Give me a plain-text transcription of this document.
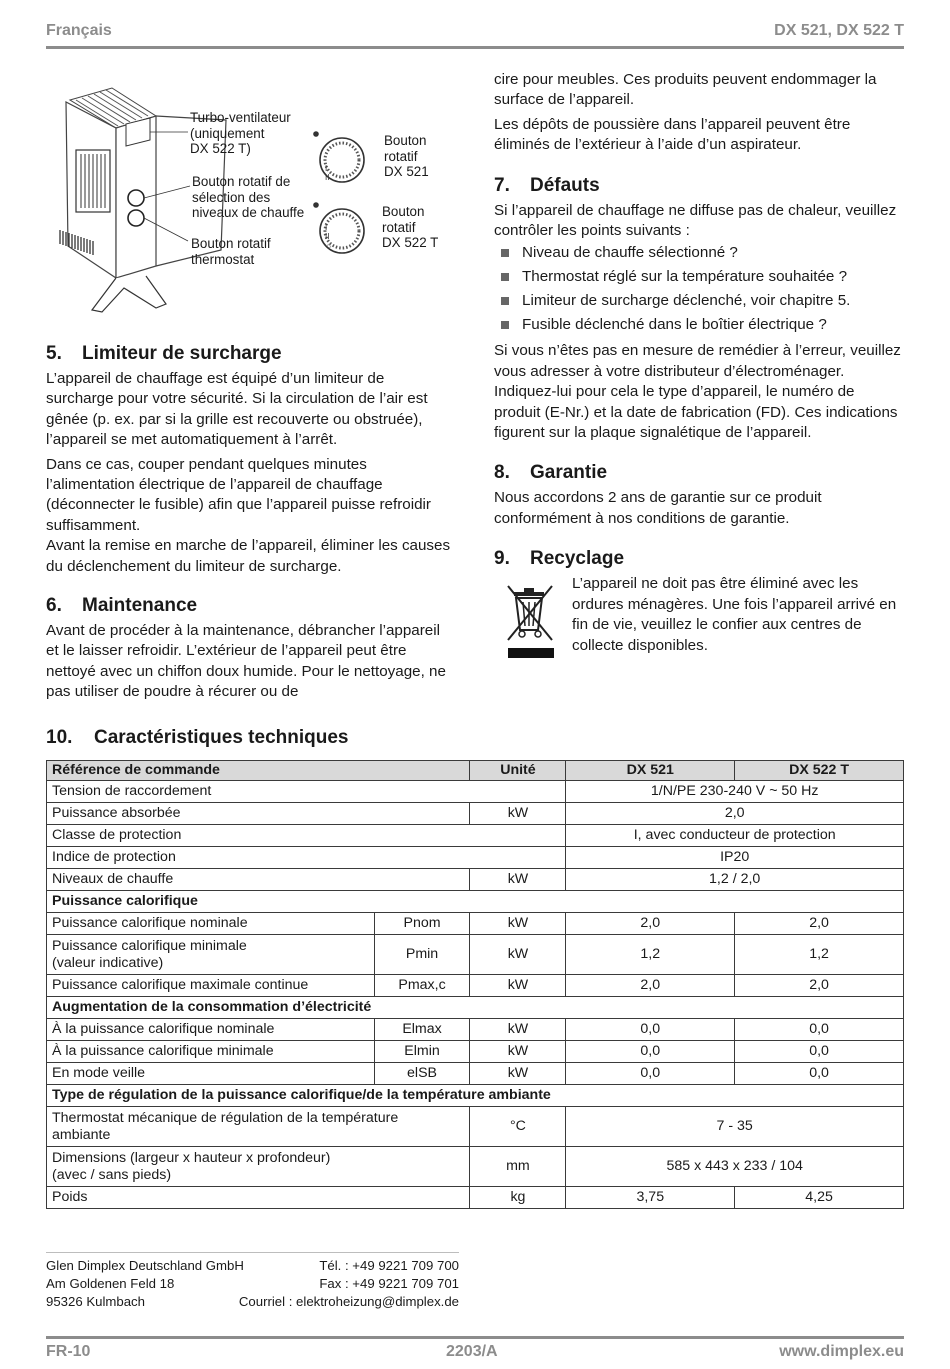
Français	DX 521, DX 522 T
Turbo-ventilateur
(uniquement
DX 522 T)
Bouton rotatif de
sélection des
niveaux de chauffe
Bouton rotatif
thermostat
Bouton
rotatif
DX 521
Bouton
rotatif
DX 522 T
I
II
I
II
☼
5. Limiteur de surcharge

L’appareil de chauffage est équipé d’un limiteur de surcharge pour votre sécurité. Si la circulation de l’air est gênée (p. ex. par si la grille est recouverte ou obstruée), l’appareil se met automatiquement à l’arrêt.

Dans ce cas, couper pendant quelques minutes l’alimentation électrique de l’appareil de chauffage (déconnecter le fusible) afin que l’appareil puisse refroidir suffisamment.

Avant la remise en marche de l’appareil, éliminer les causes du déclenchement du limiteur de surcharge.

6. Maintenance

Avant de procéder à la maintenance, débrancher l’appareil et le laisser refroidir. L’extérieur de l’appareil peut être nettoyé avec un chiffon doux humide. Pour le nettoyage, ne pas utiliser de poudre à récurer ou de

cire pour meubles. Ces produits peuvent endommager la surface de l’appareil.

Les dépôts de poussière dans l’appareil peuvent être éliminés de l’extérieur à l’aide d’un aspirateur.

7. Défauts

Si l’appareil de chauffage ne diffuse pas de chaleur, veuillez contrôler les points suivants :

Niveau de chauffe sélectionné ?
Thermostat réglé sur la température souhaitée ?
Limiteur de surcharge déclenché, voir chapitre 5.
Fusible déclenché dans le boîtier électrique ?

Si vous n’êtes pas en mesure de remédier à l’erreur, veuillez vous adresser à votre distributeur d’électroménager. Indiquez-lui pour cela le type d’appareil, le numéro de produit (E-Nr.) et la date de fabrication (FD). Ces indications figurent sur la plaque signalétique de l’appareil.

8. Garantie

Nous accordons 2 ans de garantie sur ce produit conformément à nos conditions de garantie.

9. Recyclage

L’appareil ne doit pas être éliminé avec les ordures ménagères. Une fois l’appareil arrivé en fin de vie, veuillez le confier aux centres de collecte disponibles.

10. Caractéristiques techniques
Référence de commande		Unité	DX 521	DX 522 T
Tension de raccordement			1/N/PE 230-240 V ~ 50 Hz	
Puissance absorbée		kW	2,0	
Classe de protection			I, avec conducteur de protection	
Indice de protection			IP20	
Niveaux de chauffe		kW	1,2 / 2,0	
Puissance calorifique				
Puissance calorifique nominale	Pnom	kW	2,0	2,0

Puissance calorifique minimale
(valeur indicative)	Pmin	kW	1,2	1,2
Puissance calorifique maximale continue	Pmax,c	kW	2,0	2,0
Augmentation de la consommation d’électricité				
À la puissance calorifique nominale	Elmax	kW	0,0	0,0
À la puissance calorifique minimale	Elmin	kW	0,0	0,0
En mode veille	elSB	kW	0,0	0,0
Type de régulation de la puissance calorifique/de la température ambiante				

Thermostat mécanique de régulation de la température
ambiante		°C	7 - 35	

Dimensions (largeur x hauteur x profondeur)
(avec / sans pieds)		mm	585 x 443 x 233 / 104	
Poids		kg	3,75	4,25
Glen Dimplex Deutschland GmbH	Tél. : +49 9221 709 700
Am Goldenen Feld 18	Fax : +49 9221 709 701
95326 Kulmbach	Courriel : elektroheizung@dimplex.de
FR-10	2203/A	www.dimplex.eu
